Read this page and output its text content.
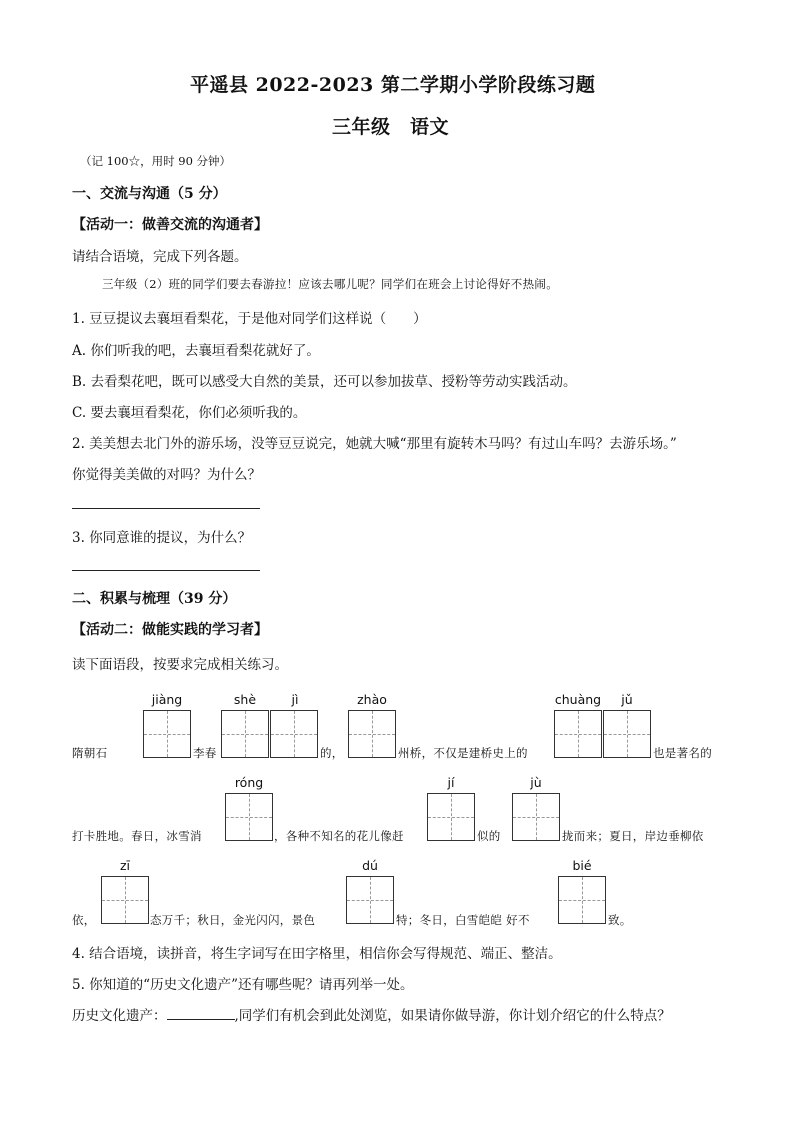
平遥县 2022-2023 第二学期小学阶段练习题
三年级　语文
（记 100☆，用时 90 分钟）
一、交流与沟通（5 分）
【活动一：做善交流的沟通者】
请结合语境，完成下列各题。
三年级（2）班的同学们要去春游拉！应该去哪儿呢？同学们在班会上讨论得好不热闹。
1. 豆豆提议去襄垣看梨花，于是他对同学们这样说（　　）
A. 你们听我的吧，去襄垣看梨花就好了。
B. 去看梨花吧，既可以感受大自然的美景，还可以参加拔草、授粉等劳动实践活动。
C. 要去襄垣看梨花，你们必须听我的。
2. 美美想去北门外的游乐场，没等豆豆说完，她就大喊“那里有旋转木马吗？有过山车吗？去游乐场。”
你觉得美美做的对吗？为什么？
3. 你同意谁的提议，为什么？
二、积累与梳理（39 分）
【活动二：做能实践的学习者】
读下面语段，按要求完成相关练习。
jiàng	shè	jì	zhào	chuàng	jǔ
隋朝石	李春	的，	州桥，不仅是建桥史上的	也是著名的
róng	jí	jù
打卡胜地。春日，冰雪消	，各种不知名的花儿像赶	似的	拢而来；夏日，岸边垂柳依
zī	dú	bié
依，	态万千；秋日，金光闪闪，景色	特；冬日，白雪皑皑 好不	致。
4. 结合语境，读拼音，将生字词写在田字格里，相信你会写得规范、端正、整洁。
5. 你知道的“历史文化遗产”还有哪些呢？请再列举一处。
历史文化遗产：	,同学们有机会到此处浏览，如果请你做导游，你计划介绍它的什么特点？
